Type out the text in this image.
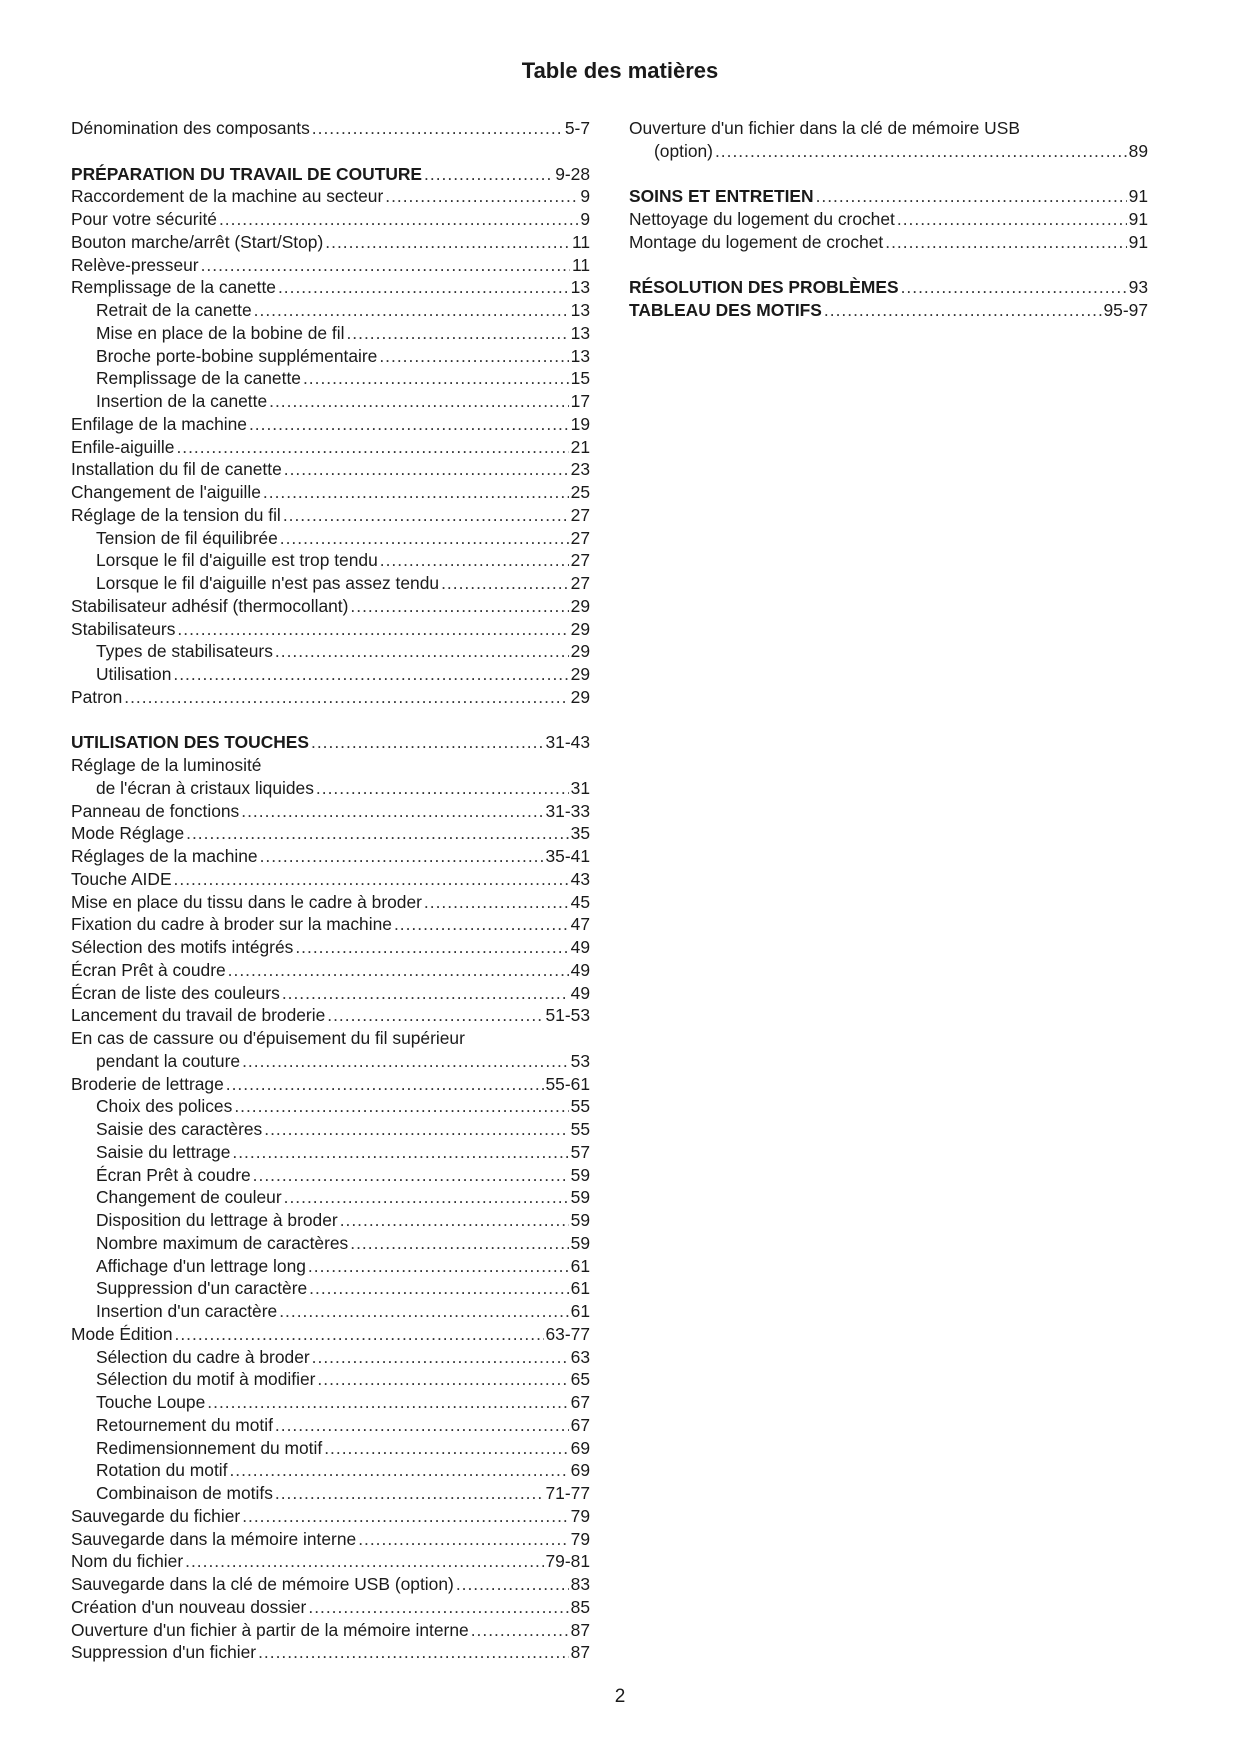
Table des matières
Dénomination des composants .....	5-7
PRÉPARATION DU TRAVAIL DE COUTURE .....	9-28
Raccordement de la machine au secteur .....	9
Pour votre sécurité .....	9
Bouton marche/arrêt (Start/Stop) .....	11
Relève-presseur .....	11
Remplissage de la canette .....	13
Retrait de la canette .....	13
Mise en place de la bobine de fil .....	13
Broche porte-bobine supplémentaire .....	13
Remplissage de la canette .....	15
Insertion de la canette .....	17
Enfilage de la machine .....	19
Enfile-aiguille .....	21
Installation du fil de canette .....	23
Changement de l'aiguille .....	25
Réglage de la tension du fil .....	27
Tension de fil équilibrée .....	27
Lorsque le fil d'aiguille est trop tendu .....	27
Lorsque le fil d'aiguille n'est pas assez tendu .....	27
Stabilisateur adhésif (thermocollant) .....	29
Stabilisateurs .....	29
Types de stabilisateurs .....	29
Utilisation .....	29
Patron .....	29
UTILISATION DES TOUCHES .....	31-43
Réglage de la luminosité
de l'écran à cristaux liquides .....	31
Panneau de fonctions .....	31-33
Mode Réglage .....	35
Réglages de la machine .....	35-41
Touche AIDE .....	43
Mise en place du tissu dans le cadre à broder .....	45
Fixation du cadre à broder sur la machine .....	47
Sélection des motifs intégrés .....	49
Écran Prêt à coudre .....	49
Écran de liste des couleurs .....	49
Lancement du travail de broderie .....	51-53
En cas de cassure ou d'épuisement du fil supérieur
pendant la couture .....	53
Broderie de lettrage .....	55-61
Choix des polices .....	55
Saisie des caractères .....	55
Saisie du lettrage .....	57
Écran Prêt à coudre .....	59
Changement de couleur .....	59
Disposition du lettrage à broder .....	59
Nombre maximum de caractères .....	59
Affichage d'un lettrage long .....	61
Suppression d'un caractère .....	61
Insertion d'un caractère .....	61
Mode Édition .....	63-77
Sélection du cadre à broder .....	63
Sélection du motif à modifier .....	65
Touche Loupe .....	67
Retournement du motif .....	67
Redimensionnement du motif .....	69
Rotation du motif .....	69
Combinaison de motifs .....	71-77
Sauvegarde du fichier .....	79
Sauvegarde dans la mémoire interne .....	79
Nom du fichier .....	79-81
Sauvegarde dans la clé de mémoire USB (option) .....	83
Création d'un nouveau dossier .....	85
Ouverture d'un fichier à partir de la mémoire interne .....	87
Suppression d'un fichier .....	87
Ouverture d'un fichier dans la clé de mémoire USB
(option) .....	89
SOINS ET ENTRETIEN .....	91
Nettoyage du logement du crochet .....	91
Montage du logement de crochet .....	91
RÉSOLUTION DES PROBLÈMES .....	93
TABLEAU DES MOTIFS .....	95-97
2
